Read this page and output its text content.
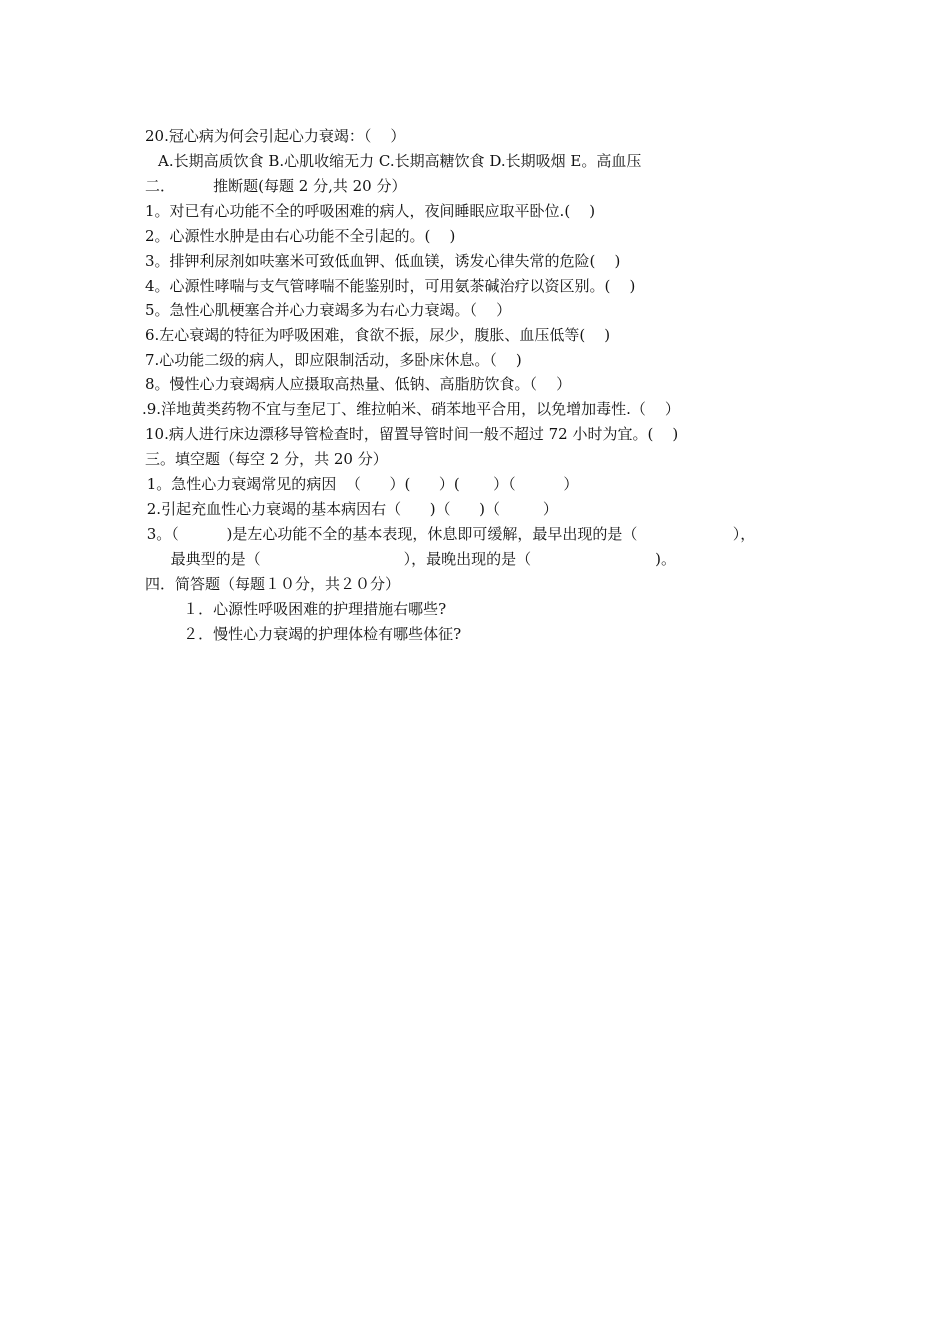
20.冠心病为何会引起心力衰竭：（    ）
A.长期高质饮食 B.心肌收缩无力 C.长期高糖饮食 D.长期吸烟 E。高血压
二．        推断题(每题 2 分,共 20 分）
1。对已有心功能不全的呼吸困难的病人，夜间睡眠应取平卧位.(    )
2。心源性水肿是由右心功能不全引起的。(    )
3。排钾利尿剂如呋塞米可致低血钾、低血镁，诱发心律失常的危险(    )
4。心源性哮喘与支气管哮喘不能鉴别时，可用氨茶碱治疗以资区别。(    )
5。急性心肌梗塞合并心力衰竭多为右心力衰竭。（    ）
6.左心衰竭的特征为呼吸困难，食欲不振，尿少，腹胀、血压低等(    )
7.心功能二级的病人，即应限制活动，多卧床休息。（    )
8。慢性心力衰竭病人应摄取高热量、低钠、高脂肪饮食。（    ）
.9.洋地黄类药物不宜与奎尼丁、维拉帕米、硝苯地平合用，以免增加毒性.（    ）
10.病人进行床边漂移导管检查时，留置导管时间一般不超过 72 小时为宜。(    )
三。填空题（每空 2 分，共 20 分）
1。急性心力衰竭常见的病因  （      ）(      ）(       ）（          ）
2.引起充血性心力衰竭的基本病因右（      )（      )（         ）
3。（          )是左心功能不全的基本表现，休息即可缓解，最早出现的是（                    ），
最典型的是（                              ），最晚出现的是（                          )。
四．简答题（每题１０分，共２０分）
１．心源性呼吸困难的护理措施右哪些?
２．慢性心力衰竭的护理体检有哪些体征?
